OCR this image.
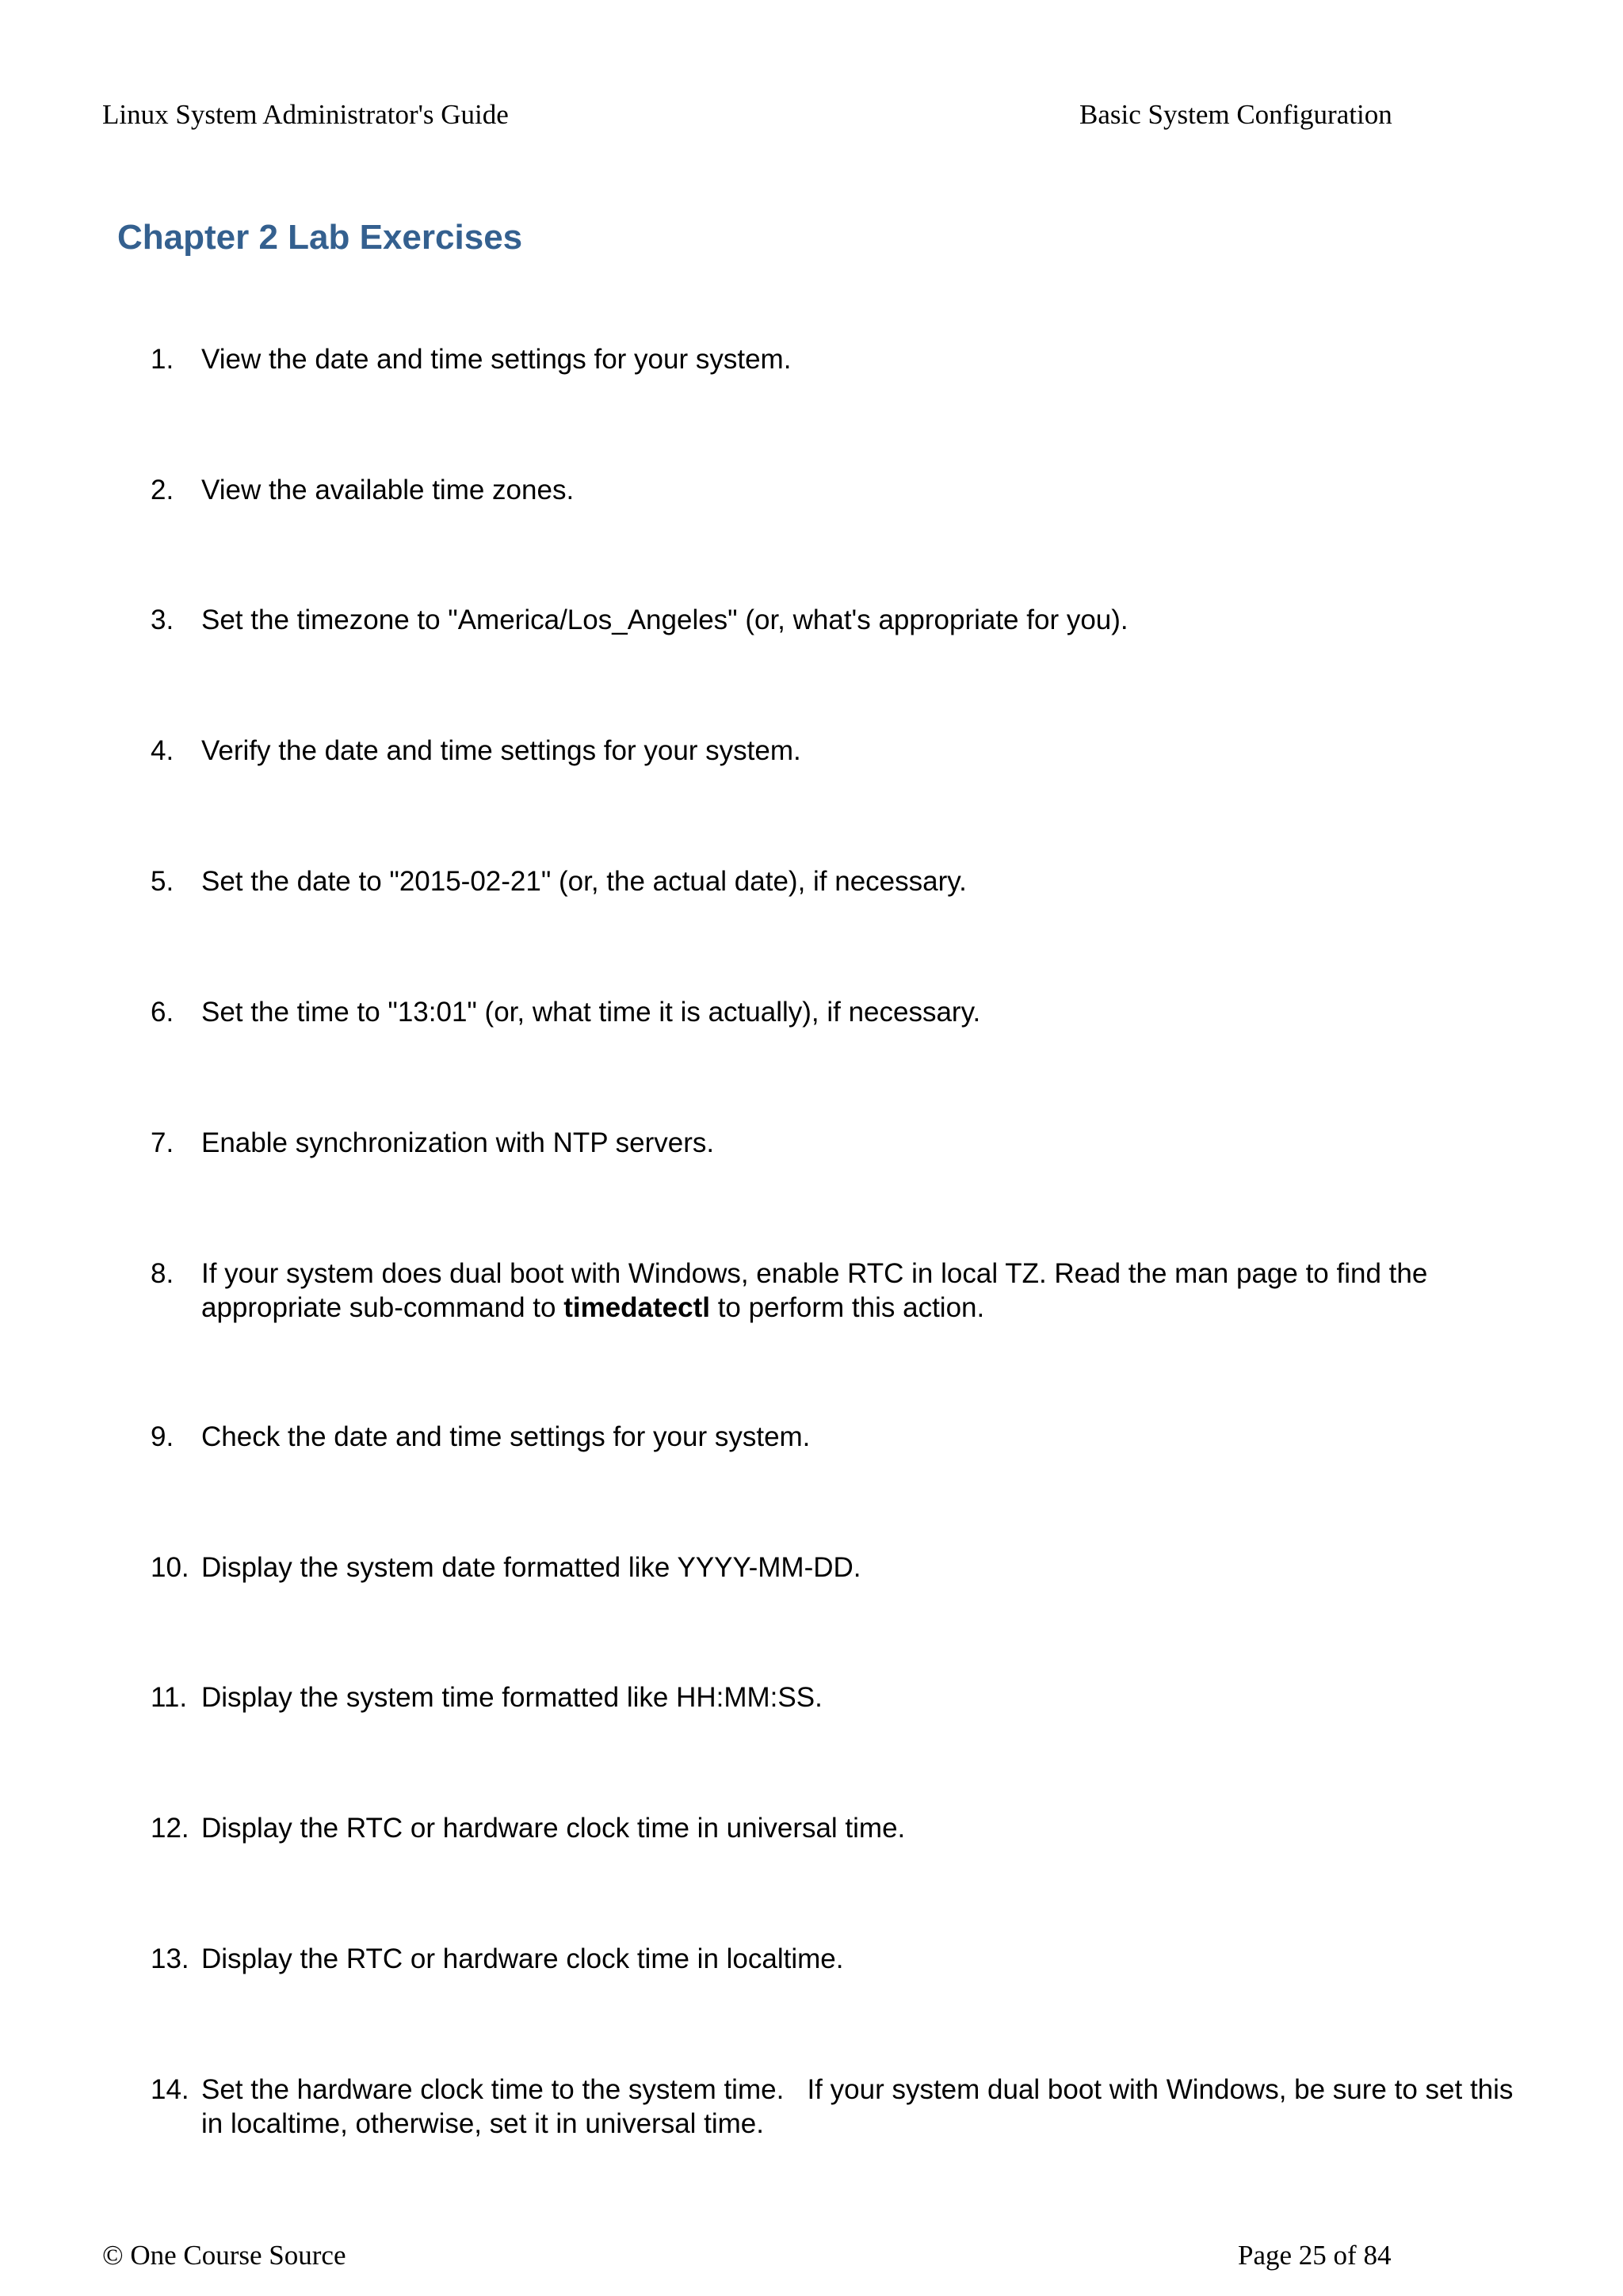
Linux System Administrator's Guide	Basic System Configuration
Chapter 2 Lab Exercises
1. View the date and time settings for your system.
2. View the available time zones.
3. Set the timezone to "America/Los_Angeles" (or, what's appropriate for you).
4. Verify the date and time settings for your system.
5. Set the date to "2015-02-21" (or, the actual date), if necessary.
6. Set the time to "13:01" (or, what time it is actually), if necessary.
7. Enable synchronization with NTP servers.
8. If your system does dual boot with Windows, enable RTC in local TZ. Read the man page to find the appropriate sub-command to timedatectl to perform this action.
9. Check the date and time settings for your system.
10. Display the system date formatted like YYYY-MM-DD.
11. Display the system time formatted like HH:MM:SS.
12. Display the RTC or hardware clock time in universal time.
13. Display the RTC or hardware clock time in localtime.
14. Set the hardware clock time to the system time.   If your system dual boot with Windows, be sure to set this in localtime, otherwise, set it in universal time.
© One Course Source	Page 25 of 84
